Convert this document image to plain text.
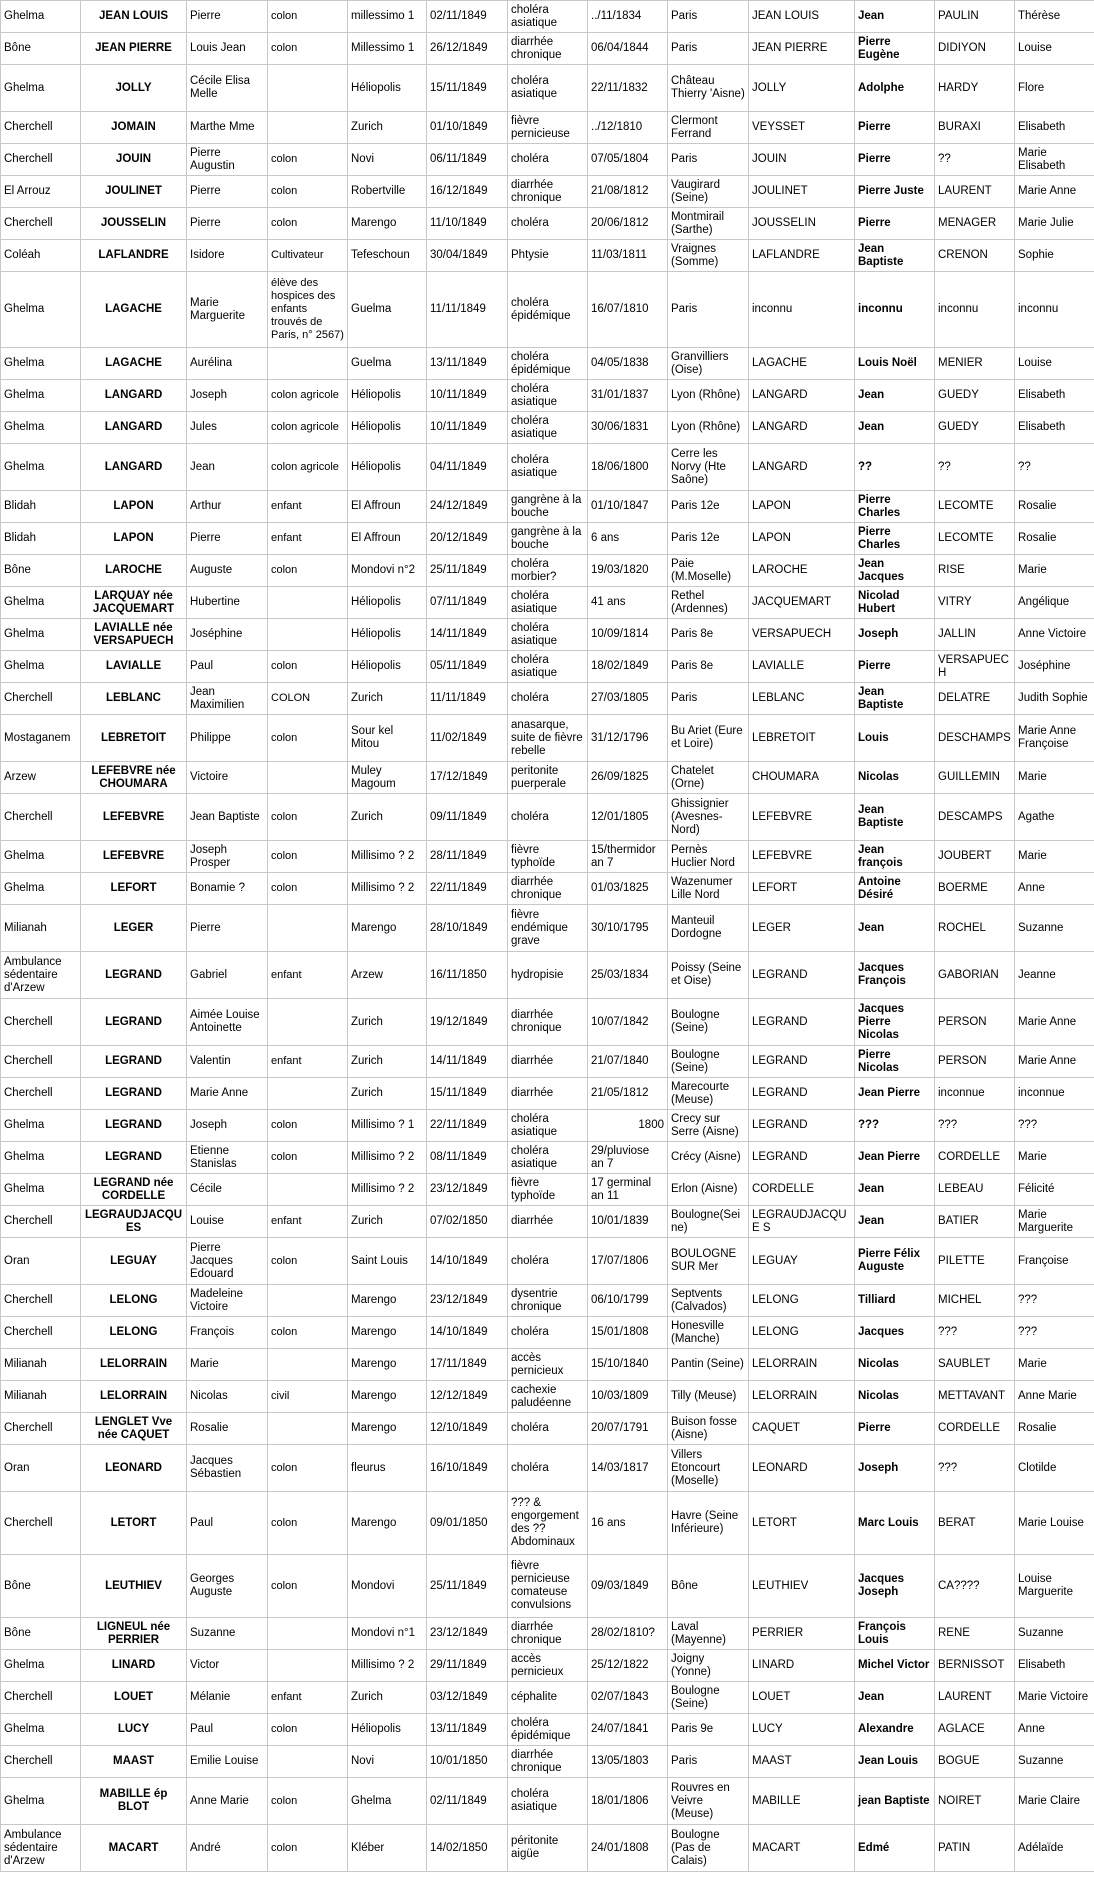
Ghelma	JEAN LOUIS	Pierre	colon	millessimo 1	02/11/1849	choléra asiatique	../11/1834	Paris	JEAN LOUIS	Jean	PAULIN	Thérèse
Bône	JEAN PIERRE	Louis Jean	colon	Millessimo 1	26/12/1849	diarrhée chronique	06/04/1844	Paris	JEAN PIERRE	Pierre Eugène	DIDIYON	Louise
Ghelma	JOLLY	Cécile Elisa Melle		Héliopolis	15/11/1849	choléra asiatique	22/11/1832	Château Thierry 'Aisne)	JOLLY	Adolphe	HARDY	Flore
Cherchell	JOMAIN	Marthe Mme		Zurich	01/10/1849	fièvre pernicieuse	../12/1810	Clermont Ferrand	VEYSSET	Pierre	BURAXI	Elisabeth
Cherchell	JOUIN	Pierre Augustin	colon	Novi	06/11/1849	choléra	07/05/1804	Paris	JOUIN	Pierre	??	Marie Elisabeth
El Arrouz	JOULINET	Pierre	colon	Robertville	16/12/1849	diarrhée chronique	21/08/1812	Vaugirard (Seine)	JOULINET	Pierre Juste	LAURENT	Marie Anne
Cherchell	JOUSSELIN	Pierre	colon	Marengo	11/10/1849	choléra	20/06/1812	Montmirail (Sarthe)	JOUSSELIN	Pierre	MENAGER	Marie Julie
Coléah	LAFLANDRE	Isidore	Cultivateur	Tefeschoun	30/04/1849	Phtysie	11/03/1811	Vraignes (Somme)	LAFLANDRE	Jean Baptiste	CRENON	Sophie
Ghelma	LAGACHE	Marie Marguerite	élève des hospices des enfants trouvés de Paris, n° 2567)	Guelma	11/11/1849	choléra épidémique	16/07/1810	Paris	inconnu	inconnu	inconnu	inconnu
Ghelma	LAGACHE	Aurélina		Guelma	13/11/1849	choléra épidémique	04/05/1838	Granvilliers (Oise)	LAGACHE	Louis Noël	MENIER	Louise
Ghelma	LANGARD	Joseph	colon agricole	Héliopolis	10/11/1849	choléra asiatique	31/01/1837	Lyon (Rhône)	LANGARD	Jean	GUEDY	Elisabeth
Ghelma	LANGARD	Jules	colon agricole	Héliopolis	10/11/1849	choléra asiatique	30/06/1831	Lyon (Rhône)	LANGARD	Jean	GUEDY	Elisabeth
Ghelma	LANGARD	Jean	colon agricole	Héliopolis	04/11/1849	choléra asiatique	18/06/1800	Cerre les Norvy (Hte Saône)	LANGARD	??	??	??
Blidah	LAPON	Arthur	enfant	El Affroun	24/12/1849	gangrène à la bouche	01/10/1847	Paris 12e	LAPON	Pierre Charles	LECOMTE	Rosalie
Blidah	LAPON	Pierre	enfant	El Affroun	20/12/1849	gangrène à la bouche	6 ans	Paris 12e	LAPON	Pierre Charles	LECOMTE	Rosalie
Bône	LAROCHE	Auguste	colon	Mondovi n°2	25/11/1849	choléra morbier?	19/03/1820	Paie (M.Moselle)	LAROCHE	Jean Jacques	RISE	Marie
Ghelma	LARQUAY née JACQUEMART	Hubertine		Héliopolis	07/11/1849	choléra asiatique	41 ans	Rethel (Ardennes)	JACQUEMART	Nicolad Hubert	VITRY	Angélique
Ghelma	LAVIALLE née VERSAPUECH	Joséphine		Héliopolis	14/11/1849	choléra asiatique	10/09/1814	Paris 8e	VERSAPUECH	Joseph	JALLIN	Anne Victoire
Ghelma	LAVIALLE	Paul	colon	Héliopolis	05/11/1849	choléra asiatique	18/02/1849	Paris 8e	LAVIALLE	Pierre	VERSAPUEC H	Joséphine
Cherchell	LEBLANC	Jean Maximilien	COLON	Zurich	11/11/1849	choléra	27/03/1805	Paris	LEBLANC	Jean Baptiste	DELATRE	Judith Sophie
Mostaganem	LEBRETOIT	Philippe	colon	Sour kel Mitou	11/02/1849	anasarque, suite de fièvre rebelle	31/12/1796	Bu Ariet (Eure et Loire)	LEBRETOIT	Louis	DESCHAMPS	Marie Anne Françoise
Arzew	LEFEBVRE née CHOUMARA	Victoire		Muley Magoum	17/12/1849	peritonite puerperale	26/09/1825	Chatelet (Orne)	CHOUMARA	Nicolas	GUILLEMIN	Marie
Cherchell	LEFEBVRE	Jean Baptiste	colon	Zurich	09/11/1849	choléra	12/01/1805	Ghissignier (Avesnes-Nord)	LEFEBVRE	Jean Baptiste	DESCAMPS	Agathe
Ghelma	LEFEBVRE	Joseph Prosper	colon	Millisimo ? 2	28/11/1849	fièvre typhoïde	15/thermidor an 7	Pernès Huclier Nord	LEFEBVRE	Jean françois	JOUBERT	Marie
Ghelma	LEFORT	Bonamie ?	colon	Millisimo ? 2	22/11/1849	diarrhée chronique	01/03/1825	Wazenumer Lille Nord	LEFORT	Antoine Désiré	BOERME	Anne
Milianah	LEGER	Pierre		Marengo	28/10/1849	fièvre endémique grave	30/10/1795	Manteuil Dordogne	LEGER	Jean	ROCHEL	Suzanne
Ambulance sédentaire d'Arzew	LEGRAND	Gabriel	enfant	Arzew	16/11/1850	hydropisie	25/03/1834	Poissy (Seine et Oise)	LEGRAND	Jacques François	GABORIAN	Jeanne
Cherchell	LEGRAND	Aimée Louise Antoinette		Zurich	19/12/1849	diarrhée chronique	10/07/1842	Boulogne (Seine)	LEGRAND	Jacques Pierre Nicolas	PERSON	Marie Anne
Cherchell	LEGRAND	Valentin	enfant	Zurich	14/11/1849	diarrhée	21/07/1840	Boulogne (Seine)	LEGRAND	Pierre Nicolas	PERSON	Marie Anne
Cherchell	LEGRAND	Marie Anne		Zurich	15/11/1849	diarrhée	21/05/1812	Marecourte (Meuse)	LEGRAND	Jean Pierre	inconnue	inconnue
Ghelma	LEGRAND	Joseph	colon	Millisimo ? 1	22/11/1849	choléra asiatique	1800	Crecy sur Serre (Aisne)	LEGRAND	???	???	???
Ghelma	LEGRAND	Etienne Stanislas	colon	Millisimo ? 2	08/11/1849	choléra asiatique	29/pluviose an 7	Crécy (Aisne)	LEGRAND	Jean Pierre	CORDELLE	Marie
Ghelma	LEGRAND née CORDELLE	Cécile		Millisimo ? 2	23/12/1849	fièvre typhoïde	17 germinal an 11	Erlon (Aisne)	CORDELLE	Jean	LEBEAU	Félicité
Cherchell	LEGRAUDJACQU ES	Louise	enfant	Zurich	07/02/1850	diarrhée	10/01/1839	Boulogne(Sei ne)	LEGRAUDJACQUE S	Jean	BATIER	Marie Marguerite
Oran	LEGUAY	Pierre Jacques Edouard	colon	Saint Louis	14/10/1849	choléra	17/07/1806	BOULOGNE SUR Mer	LEGUAY	Pierre Félix Auguste	PILETTE	Françoise
Cherchell	LELONG	Madeleine Victoire		Marengo	23/12/1849	dysentrie chronique	06/10/1799	Septvents (Calvados)	LELONG	Tilliard	MICHEL	???
Cherchell	LELONG	François	colon	Marengo	14/10/1849	choléra	15/01/1808	Honesville (Manche)	LELONG	Jacques	???	???
Milianah	LELORRAIN	Marie		Marengo	17/11/1849	accès pernicieux	15/10/1840	Pantin (Seine)	LELORRAIN	Nicolas	SAUBLET	Marie
Milianah	LELORRAIN	Nicolas	civil	Marengo	12/12/1849	cachexie paludéenne	10/03/1809	Tilly (Meuse)	LELORRAIN	Nicolas	METTAVANT	Anne Marie
Cherchell	LENGLET Vve née CAQUET	Rosalie		Marengo	12/10/1849	choléra	20/07/1791	Buison fosse (Aisne)	CAQUET	Pierre	CORDELLE	Rosalie
Oran	LEONARD	Jacques Sébastien	colon	fleurus	16/10/1849	choléra	14/03/1817	Villers Etoncourt (Moselle)	LEONARD	Joseph	???	Clotilde
Cherchell	LETORT	Paul	colon	Marengo	09/01/1850	??? & engorgement des ?? Abdominaux	16 ans	Havre (Seine Inférieure)	LETORT	Marc Louis	BERAT	Marie Louise
Bône	LEUTHIEV	Georges Auguste	colon	Mondovi	25/11/1849	fièvre pernicieuse comateuse convulsions	09/03/1849	Bône	LEUTHIEV	Jacques Joseph	CA????	Louise Marguerite
Bône	LIGNEUL née PERRIER	Suzanne		Mondovi n°1	23/12/1849	diarrhée chronique	28/02/1810?	Laval (Mayenne)	PERRIER	François Louis	RENE	Suzanne
Ghelma	LINARD	Victor		Millisimo ? 2	29/11/1849	accès pernicieux	25/12/1822	Joigny (Yonne)	LINARD	Michel Victor	BERNISSOT	Elisabeth
Cherchell	LOUET	Mélanie	enfant	Zurich	03/12/1849	céphalite	02/07/1843	Boulogne (Seine)	LOUET	Jean	LAURENT	Marie Victoire
Ghelma	LUCY	Paul	colon	Héliopolis	13/11/1849	choléra épidémique	24/07/1841	Paris 9e	LUCY	Alexandre	AGLACE	Anne
Cherchell	MAAST	Emilie Louise		Novi	10/01/1850	diarrhée chronique	13/05/1803	Paris	MAAST	Jean Louis	BOGUE	Suzanne
Ghelma	MABILLE ép BLOT	Anne Marie	colon	Ghelma	02/11/1849	choléra asiatique	18/01/1806	Rouvres en Veivre (Meuse)	MABILLE	jean Baptiste	NOIRET	Marie Claire
Ambulance sédentaire d'Arzew	MACART	André	colon	Kléber	14/02/1850	péritonite aigüe	24/01/1808	Boulogne (Pas de Calais)	MACART	Edmé	PATIN	Adélaïde
